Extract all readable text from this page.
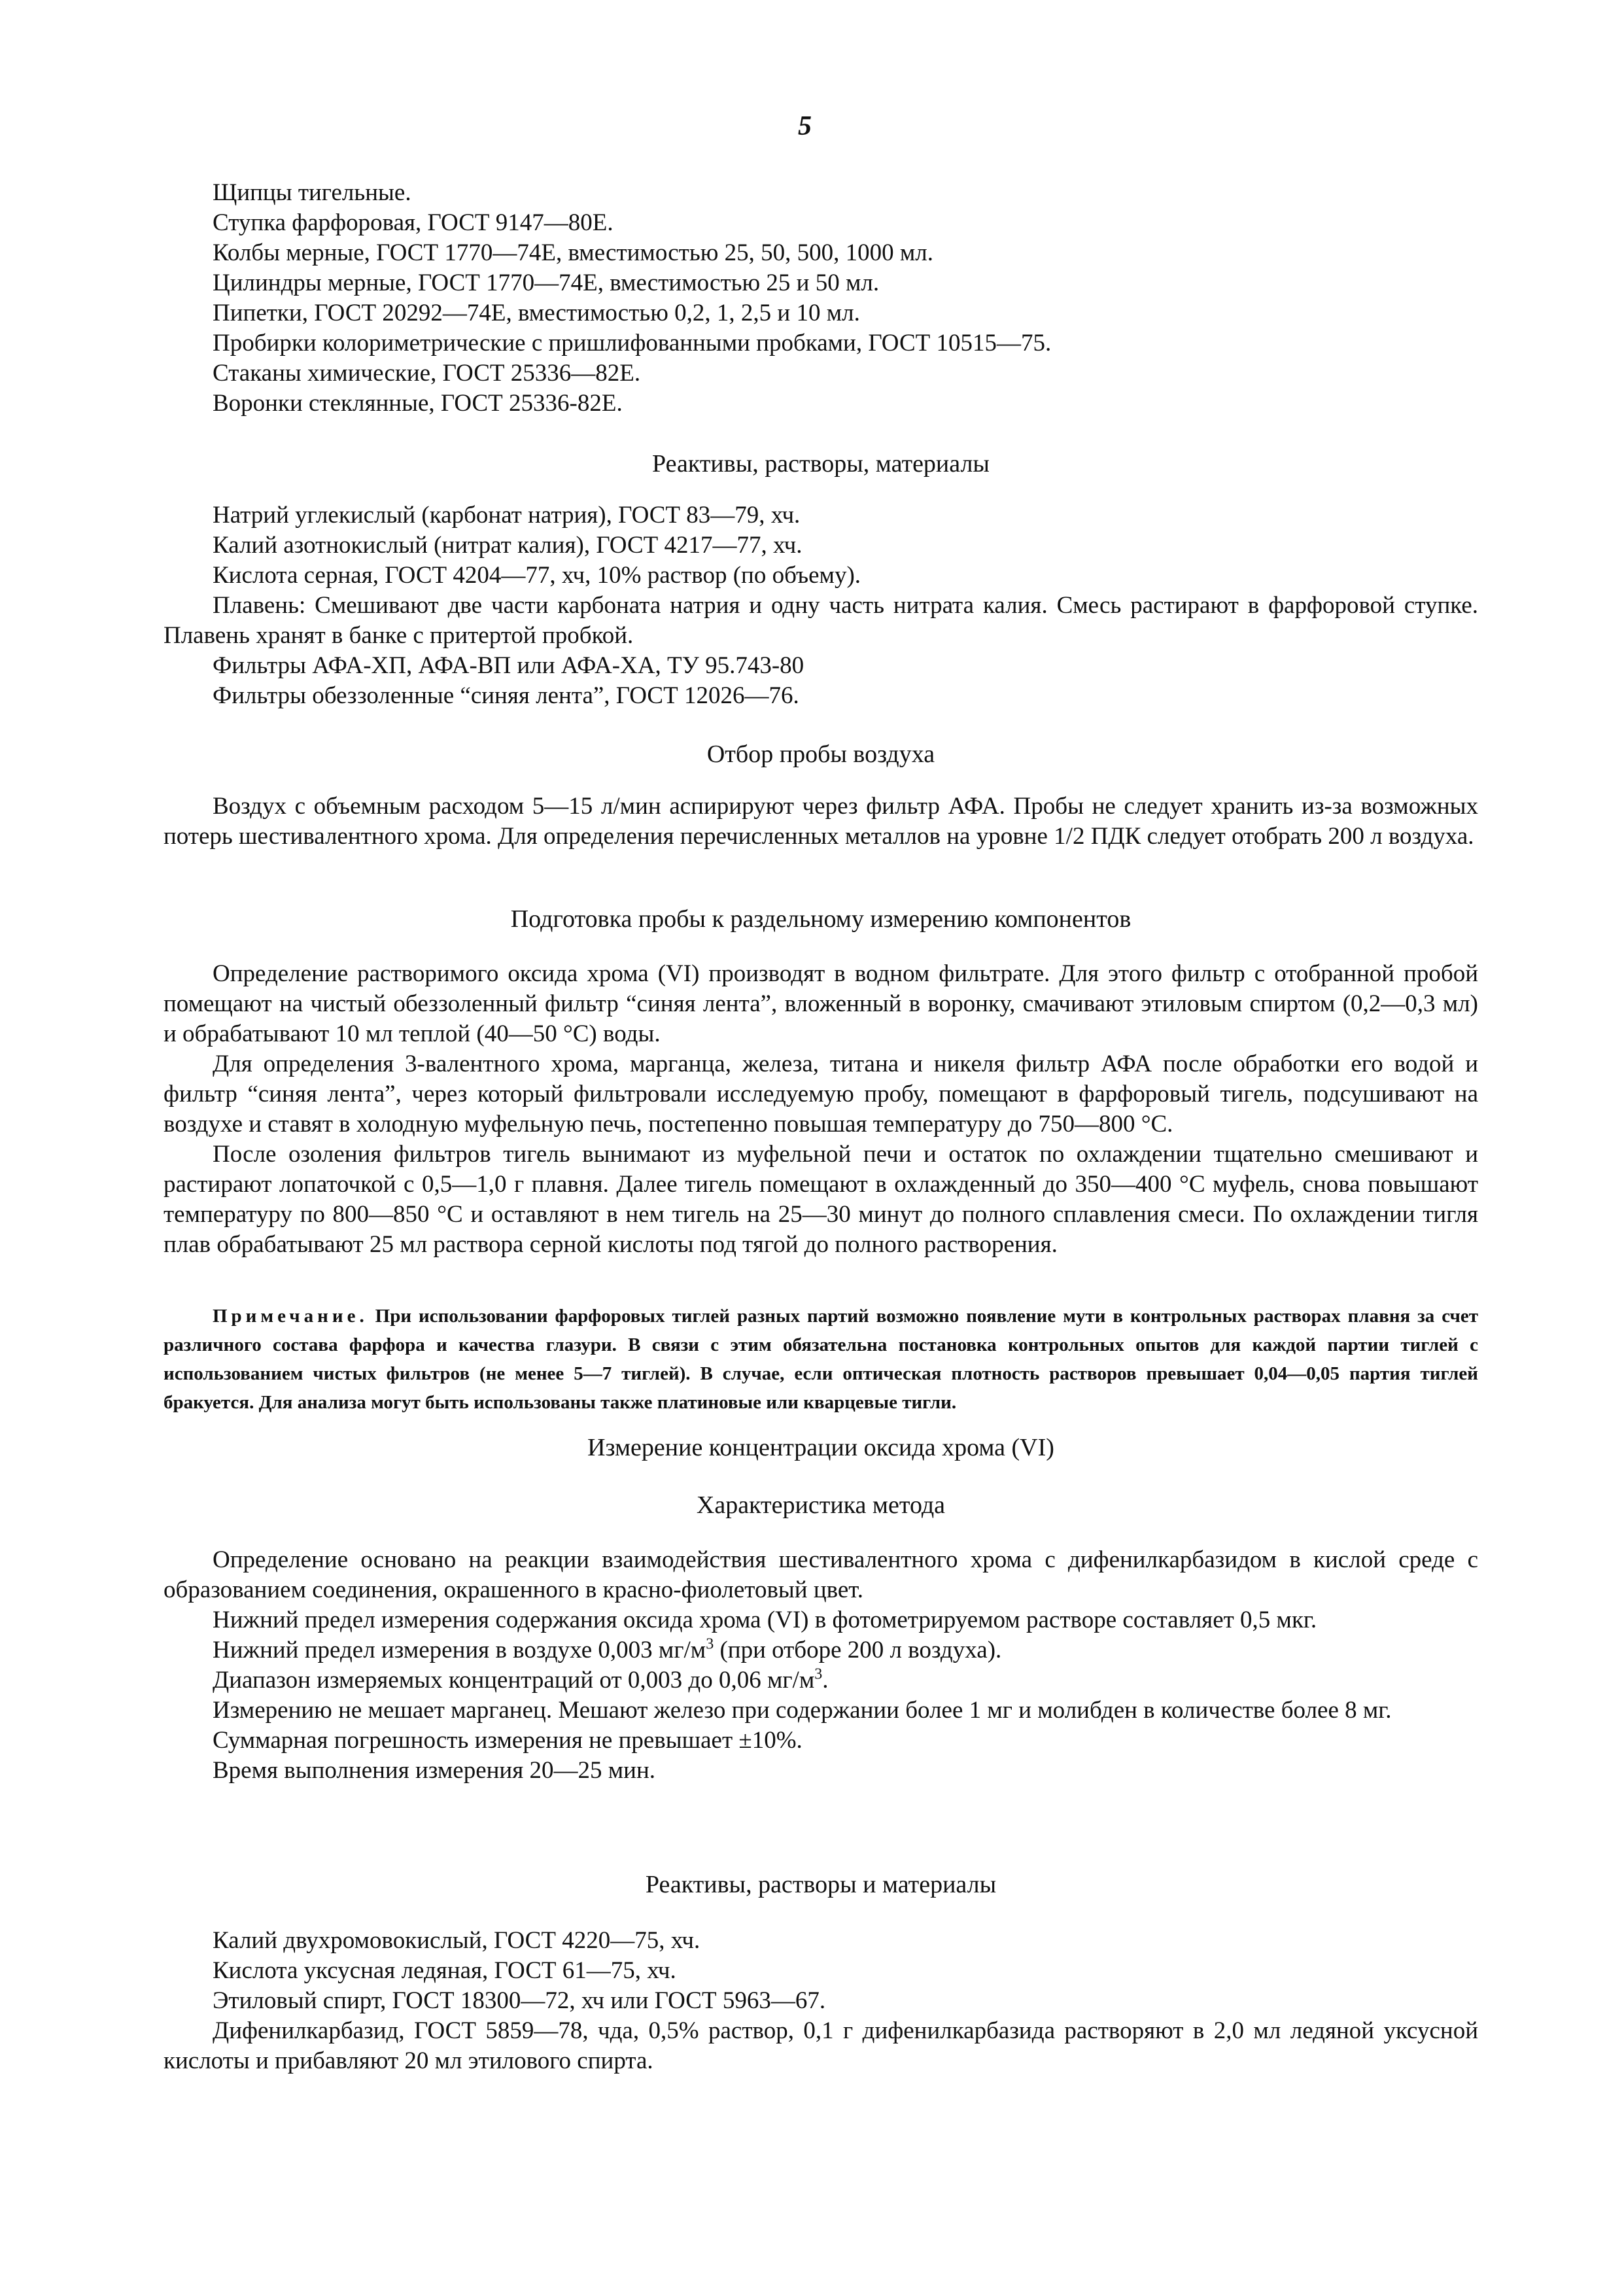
5
Щипцы тигельные.
Ступка фарфоровая, ГОСТ 9147—80Е.
Колбы мерные, ГОСТ 1770—74Е, вместимостью 25, 50, 500, 1000 мл.
Цилиндры мерные, ГОСТ 1770—74Е, вместимостью 25 и 50 мл.
Пипетки, ГОСТ 20292—74Е, вместимостью 0,2, 1, 2,5 и 10 мл.
Пробирки колориметрические с пришлифованными пробками, ГОСТ 10515—75.
Стаканы химические, ГОСТ 25336—82Е.
Воронки стеклянные, ГОСТ 25336-82Е.
Реактивы, растворы, материалы
Натрий углекислый (карбонат натрия), ГОСТ 83—79, хч.
Калий азотнокислый (нитрат калия), ГОСТ 4217—77, хч.
Кислота серная, ГОСТ 4204—77, хч, 10% раствор (по объему).

Плавень: Смешивают две части карбоната натрия и одну часть нитрата калия. Смесь растирают в фарфоровой ступке. Плавень хранят в банке с притертой пробкой.

Фильтры АФА-ХП, АФА-ВП или АФА-ХА, ТУ 95.743-80
Фильтры обеззоленные “синяя лента”, ГОСТ 12026—76.
Отбор пробы воздуха

Воздух с объемным расходом 5—15 л/мин аспирируют через фильтр АФА. Пробы не следует хранить из-за возможных потерь шестивалентного хрома. Для определения перечисленных металлов на уровне 1/2 ПДК следует отобрать 200 л воздуха.

Подготовка пробы к раздельному измерению компонентов

Определение растворимого оксида хрома (VI) производят в водном фильтрате. Для этого фильтр с отобранной пробой помещают на чистый обеззоленный фильтр “синяя лента”, вложенный в воронку, смачивают этиловым спиртом (0,2—0,3 мл) и обрабатывают 10 мл теплой (40—50 °С) воды.

Для определения 3-валентного хрома, марганца, железа, титана и никеля фильтр АФА после обработки его водой и фильтр “синяя лента”, через который фильтровали исследуемую пробу, помещают в фарфоровый тигель, подсушивают на воздухе и ставят в холодную муфельную печь, постепенно повышая температуру до 750—800 °С.

После озоления фильтров тигель вынимают из муфельной печи и остаток по охлаждении тщательно смешивают и растирают лопаточкой с 0,5—1,0 г плавня. Далее тигель помещают в охлажденный до 350—400 °С муфель, снова повышают температуру по 800—850 °С и оставляют в нем тигель на 25—30 минут до полного сплавления смеси. По охлаждении тигля плав обрабатывают 25 мл раствора серной кислоты под тягой до полного растворения.

Примечание. При использовании фарфоровых тиглей разных партий возможно появление мути в контрольных растворах плавня за счет различного состава фарфора и качества глазури. В связи с этим обязательна постановка контрольных опытов для каждой партии тиглей с использованием чистых фильтров (не менее 5—7 тиглей). В случае, если оптическая плотность растворов превышает 0,04—0,05 партия тиглей бракуется. Для анализа могут быть использованы также платиновые или кварцевые тигли.

Измерение концентрации оксида хрома (VI)
Характеристика метода

Определение основано на реакции взаимодействия шестивалентного хрома с дифенилкарбазидом в кислой среде с образованием соединения, окрашенного в красно-фиолетовый цвет.

Нижний предел измерения содержания оксида хрома (VI) в фотометрируемом растворе составляет 0,5 мкг.

Нижний предел измерения в воздухе 0,003 $мг/м^3$ (при отборе 200 л воздуха).
Диапазон измеряемых концентраций от 0,003 до 0,06 $мг/м^3$.

Измерению не мешает марганец. Мешают железо при содержании более 1 мг и молибден в количестве более 8 мг.

Суммарная погрешность измерения не превышает ±10%.
Время выполнения измерения 20—25 мин.
Реактивы, растворы и материалы
Калий двухромовокислый, ГОСТ 4220—75, хч.
Кислота уксусная ледяная, ГОСТ 61—75, хч.
Этиловый спирт, ГОСТ 18300—72, хч или ГОСТ 5963—67.

Дифенилкарбазид, ГОСТ 5859—78, чда, 0,5% раствор, 0,1 г дифенилкарбазида растворяют в 2,0 мл ледяной уксусной кислоты и прибавляют 20 мл этилового спирта.
